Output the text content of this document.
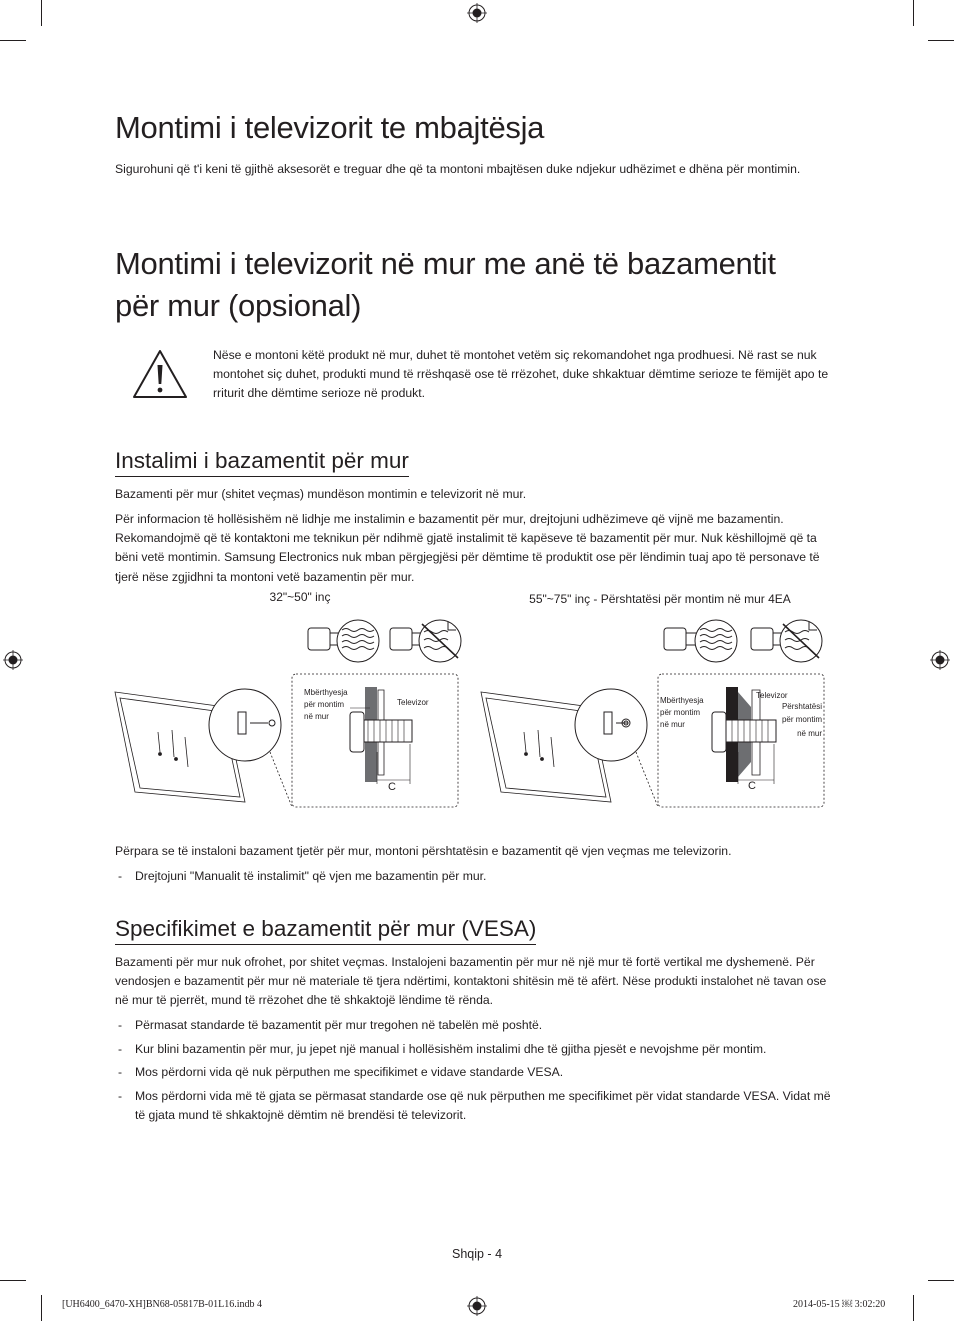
Montimi i televizorit te mbajtësja

Sigurohuni që t'i keni të gjithë aksesorët e treguar dhe që ta montoni mbajtësen duke ndjekur udhëzimet e dhëna për montimin.

Montimi i televizorit në mur me anë të bazamentit
për mur (opsional)

Nëse e montoni këtë produkt në mur, duhet të montohet vetëm siç rekomandohet nga prodhuesi. Në rast se nuk montohet siç duhet, produkti mund të rrëshqasë ose të rrëzohet, duke shkaktuar dëmtime serioze te fëmijët apo te rriturit dhe dëmtime serioze në produkt.

Instalimi i bazamentit për mur

Bazamenti për mur (shitet veçmas) mundëson montimin e televizorit në mur.

Për informacion të hollësishëm në lidhje me instalimin e bazamentit për mur, drejtojuni udhëzimeve që vijnë me bazamentin. Rekomandojmë që të kontaktoni me teknikun për ndihmë gjatë instalimit të kapëseve të bazamentit për mur. Nuk këshillojmë që ta bëni vetë montimin. Samsung Electronics nuk mban përgjegjësi për dëmtime të produktit ose për lëndimin tuaj apo të personave të tjerë nëse zgjidhni ta montoni vetë bazamentin për mur.

32"~50" inç
Mbërthyesja
për montim
në mur
Televizor
C
55"~75" inç - Përshtatësi për montim në mur 4EA
Mbërthyesja
për montim
në mur
Televizor
Përshtatësi
për montim
në mur
C

Përpara se të instaloni bazament tjetër për mur, montoni përshtatësin e bazamentit që vjen veçmas me televizorin.

- Drejtojuni "Manualit të instalimit" që vjen me bazamentin për mur.
Specifikimet e bazamentit për mur (VESA)

Bazamenti për mur nuk ofrohet, por shitet veçmas. Instalojeni bazamentin për mur në një mur të fortë vertikal me dyshemenë. Për vendosjen e bazamentit për mur në materiale të tjera ndërtimi, kontaktoni shitësin më të afërt. Nëse produkti instalohet në tavan ose në mur të pjerrët, mund të rrëzohet dhe të shkaktojë lëndime të rënda.

- Përmasat standarde të bazamentit për mur tregohen në tabelën më poshtë.
- Kur blini bazamentin për mur, ju jepet një manual i hollësishëm instalimi dhe të gjitha pjesët e nevojshme për montim.
- Mos përdorni vida që nuk përputhen me specifikimet e vidave standarde VESA.
- Mos përdorni vida më të gjata se përmasat standarde ose që nuk përputhen me specifikimet për vidat standarde VESA. Vidat më të gjata mund të shkaktojnë dëmtim në brendësi të televizorit.
Shqip - 4
[UH6400_6470-XH]BN68-05817B-01L16.indb 4	2014-05-15 ￼ 3:02:20
